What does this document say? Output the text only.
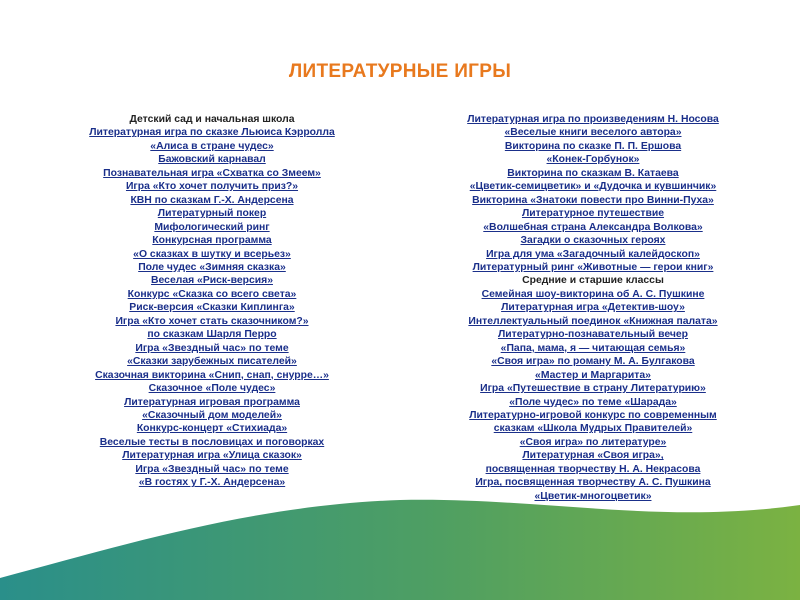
ЛИТЕРАТУРНЫЕ ИГРЫ
Детский сад и начальная школа
Литературная игра по сказке Льюиса Кэрролла
«Алиса в стране чудес»
Бажовский карнавал
Познавательная игра «Схватка со Змеем»
Игра «Кто хочет получить приз?»
КВН по сказкам Г.-Х. Андерсена
Литературный покер
Мифологический ринг
Конкурсная программа
«О сказках в шутку и всерьез»
Поле чудес «Зимняя сказка»
Веселая «Риск-версия»
Конкурс «Сказка со всего света»
Риск-версия «Сказки Киплинга»
Игра «Кто хочет стать сказочником?»
по сказкам Шарля Перро
Игра «Звездный час» по теме
«Сказки зарубежных писателей»
Сказочная викторина «Снип, снап, снурре…»
Сказочное «Поле чудес»
Литературная игровая программа
«Сказочный дом моделей»
Конкурс-концерт «Стихиада»
Веселые тесты в пословицах и поговорках
Литературная игра «Улица сказок»
Игра «Звездный час» по теме
«В гостях у Г.-Х. Андерсена»
Литературная игра по произведениям Н. Носова
«Веселые книги веселого автора»
Викторина по сказке П. П. Ершова
«Конек-Горбунок»
Викторина по сказкам В. Катаева
«Цветик-семицветик» и «Дудочка и кувшинчик»
Викторина «Знатоки повести про Винни-Пуха»
Литературное путешествие
«Волшебная страна Александра Волкова»
Загадки о сказочных героях
Игра для ума «Загадочный калейдоскоп»
Литературный ринг «Животные — герои книг»
Средние и старшие классы
Семейная шоу-викторина об А. С. Пушкине
Литературная игра «Детектив-шоу»
Интеллектуальный поединок «Книжная палата»
Литературно-познавательный вечер
«Папа, мама, я — читающая семья»
«Своя игра» по роману М. А. Булгакова
«Мастер и Маргарита»
Игра «Путешествие в страну Литературию»
«Поле чудес» по теме «Шарада»
Литературно-игровой конкурс по современным
сказкам «Школа Мудрых Правителей»
«Своя игра» по литературе»
Литературная «Своя игра»,
посвященная творчеству Н. А. Некрасова
Игра, посвященная творчеству А. С. Пушкина
«Цветик-многоцветик»
